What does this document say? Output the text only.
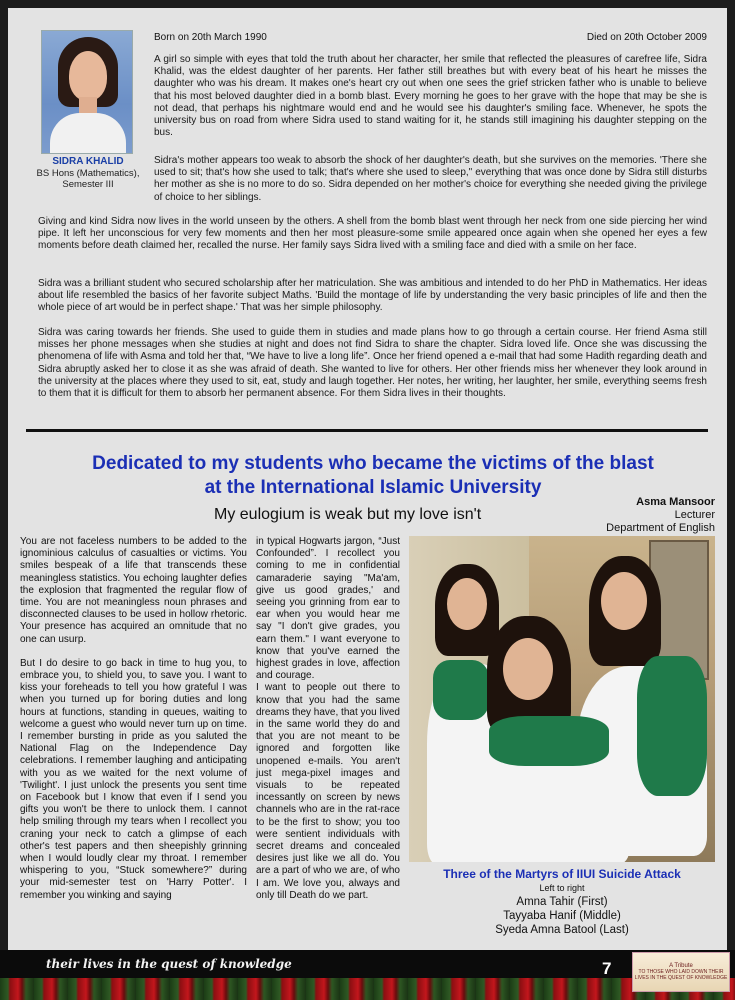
SIDRA KHALID
BS Hons (Mathematics),
Semester III
Born on 20th March 1990	Died on 20th October 2009
A girl so simple with eyes that told the truth about her character, her smile that reflected the pleasures of carefree life, Sidra Khalid, was the eldest daughter of her parents. Her father still breathes but with every beat of his heart he misses the daughter who was his dream. It makes one's heart cry out when one sees the grief stricken father who is unable to believe that his most beloved daughter died in a bomb blast. Every morning he goes to her grave with the hope that may be she is not dead, that perhaps his nightmare would end and he would see his daughter's smiling face. Whenever, he spots the university bus on road from where Sidra used to stand waiting for it, he stands still imagining his daughter stepping on the bus.
Sidra's mother appears too weak to absorb the shock of her daughter's death, but she survives on the memories. 'There she used to sit; that's how she used to talk; that's where she used to sleep," everything that was once done by Sidra still disturbs her mother as she is no more to do so. Sidra depended on her mother's choice for everything she needed giving the privilege of choice to her siblings.
Giving and kind Sidra now lives in the world unseen by the others. A shell from the bomb blast went through her neck from one side piercing her wind pipe. It left her unconscious for very few moments and then her most pleasure-some smile appeared once again when she opened her eyes a few moments before death claimed her, recalled the nurse. Her family says Sidra lived with a smiling face and died with a smile on her face.
Sidra was a brilliant student who secured scholarship after her matriculation. She was ambitious and intended to do her PhD in Mathematics. Her ideas about life resembled the basics of her favorite subject Maths. 'Build the montage of life by understanding the very basic principles of life and then the whole piece of art would be in perfect shape.' That was her simple philosophy.
Sidra was caring towards her friends. She used to guide them in studies and made plans how to go through a certain course. Her friend Asma still misses her phone messages when she studies at night and does not find Sidra to share the chapter. Sidra loved life. Once she was discussing the phenomena of life with Asma and told her that, “We have to live a long life”. Once her friend opened a e-mail that had some Hadith regarding death and Sidra abruptly asked her to close it as she was afraid of death. She wanted to live for others. Her other friends miss her whenever they look around in the university at the places where they used to sit, eat, study and laugh together. Her notes, her writing, her laughter, her smile, everything seems fresh to them that it is difficult for them to absorb her permanent absence. For them Sidra lives in their thoughts.
Dedicated to my students who became the victims of the blast
at the International Islamic University
My eulogium is weak but my love isn't
Asma Mansoor
Lecturer
Department of English

You are not faceless numbers to be added to the ignominious calculus of casualties or victims. You smiles bespeak of a life that transcends these meaningless statistics. You echoing laughter defies the explosion that fragmented the regular flow of time. You are not meaningless noun phrases and disconnected clauses to be used in hollow rhetoric. Your presence has acquired an omnitude that no one can usurp.

But I do desire to go back in time to hug you, to embrace you, to shield you, to save you. I want to kiss your foreheads to tell you how grateful I was when you turned up for boring duties and long hours at functions, standing in queues, waiting to welcome a guest who would never turn up on time. I remember bursting in pride as you saluted the National Flag on the Independence Day celebrations. I remember laughing and anticipating with you as we waited for the next volume of 'Twilight'. I just unlock the presents you sent time on Facebook but I know that even if I send you gifts you won't be there to unlock them. I cannot help smiling through my tears when I recollect you craning your neck to catch a glimpse of each other's test papers and then sheepishly grinning when I would loudly clear my throat. I remember whispering to you, “Stuck somewhere?” during your mid-semester test on 'Harry Potter'. I remember you winking and saying

in typical Hogwarts jargon, “Just Confounded”. I recollect you coming to me in confidential camaraderie saying "Ma'am, give us good grades,' and seeing you grinning from ear to ear when you would hear me say "I don't give grades, you earn them." I want everyone to know that you've earned the highest grades in love, affection and courage.

I want to people out there to know that you had the same dreams they have, that you lived in the same world they do and that you are not meant to be ignored and forgotten like unopened e-mails. You aren't just mega-pixel images and visuals to be repeated incessantly on screen by news channels who are in the rat-race to be the first to show; you too were sentient individuals with secret dreams and concealed desires just like we all do. You are a part of who we are, of who I am. We love you, always and only till Death do we part.

Three of the Martyrs of IIUI Suicide Attack
Left to right
Amna Tahir (First)
Tayyaba Hanif (Middle)
Syeda Amna Batool (Last)
their lives in the quest of knowledge	7	A Tribute
TO THOSE WHO LAID DOWN THEIR LIVES IN THE QUEST OF KNOWLEDGE
